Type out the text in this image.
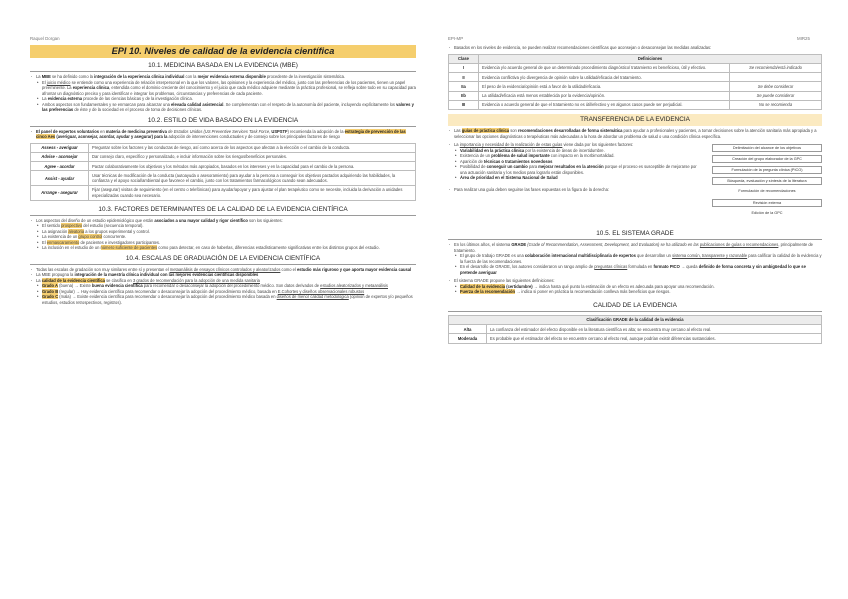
Raquel Dorgan	EPI-MP	MIR25
EPI 10. Niveles de calidad de la evidencia científica
10.1. MEDICINA BASADA EN LA EVIDENCIA (MBE)
· La MBE se ha definido como la integración de la experiencia clínica individual con la mejor evidencia externa disponible procedente de la investigación sistemática.
• El juicio médico se entiende como una experiencia de relación interpersonal en la que los valores, las opiniones y la experiencia del médico, junto con las preferencias de los pacientes, tienen un papel preeminente. La experiencia clínica, entendida como el dominio creciente del conocimiento y el juicio que cada médico adquiere mediante la práctica profesional, se refleja sobre todo en su capacidad para afrontar un diagnóstico preciso y para identificar e integrar los problemas, circunstancias y preferencias de cada paciente.
• La evidencia externa procede de las ciencias básicas y de la investigación clínica.
• Ambos aspectos son fundamentales y se enmarcan para alcanzar una elevada calidad asistencial. Se complementan con el respeto de la autonomía del paciente, incluyendo explícitamente los valores y las preferencias de éste y de la sociedad en el proceso de toma de decisiones clínicas.
10.2. ESTILO DE VIDA BASADO EN LA EVIDENCIA
· El panel de expertos voluntarios en materia de medicina preventiva de Estados Unidos (US Preventive Services Task Force, USPSTF) recomienda la adopción de la estrategia de prevención de las cinco Aes (averiguar, aconsejar, acordar, ayudar y asegurar) para la adopción de intervenciones conductuales y de consejo sobre los principales factores de riesgo
Assess - averiguar	Preguntar sobre los factores y las conductas de riesgo, así como acerca de los aspectos que afectan a la elección o el cambio de la conducta.
Advise - aconsejar	Dar consejo claro, específico y personalizado, e incluir información sobre los riesgos/beneficios personales.
Agree - acordar	Pactar colaborativamente los objetivos y los métodos más apropiados, basados en los intereses y en la capacidad para el cambio de la persona.
Assist - ayudar	Usar técnicas de modificación de la conducta (autoayuda o asesoramiento) para ayudar a la persona a conseguir los objetivos pactados adquiriendo las habilidades, la confianza y el apoyo social/ambiental que favorece el cambio, junto con los tratamientos farmacológicos cuando sean adecuados.
Arrange - asegurar	Fijar (asegurar) visitas de seguimiento (en el centro o telefónicas) para ayudar/apoyar y para ajustar el plan terapéutico como se necesite, incluida la derivación a unidades especializadas cuando sea necesario.
10.3. FACTORES DETERMINANTES DE LA CALIDAD DE LA EVIDENCIA CIENTÍFICA
· Los aspectos del diseño de un estudio epidemiológico que están asociados a una mayor calidad y rigor científico son los siguientes:
• El sentido prospectivo del estudio (secuencia temporal).
• La asignación aleatoria a los grupos experimental y control.
• La existencia de un grupo control concurrente.
• El enmascaramiento de pacientes e investigadores participantes.
• La inclusión en el estudio de un número suficiente de pacientes como para detectar, en caso de haberlas, diferencias estadísticamente significativas entre los distintos grupos del estudio.
10.4. ESCALAS DE GRADUACIÓN DE LA EVIDENCIA CIENTÍFICA
· Todas las escalas de gradación son muy similares entre sí y presentan el metaanálisis de ensayos clínicos controlados y aleatorizados como el estudio más riguroso y que aporta mayor evidencia causal
· La MBE propugna la integración de la maestría clínica individual con las mejores evidencias científicas disponibles
· La calidad de la evidencia científica se clasifica en 3 grados de recomendación para la adopción de una medida sanitaria
• Grado A (buena) → Existe buena evidencia científica para recomendar o desaconsejar la adopción del procedimiento médico. Son datos derivados de estudios aleatorizados y metaanálisis
• Grado B (regular) → Hay evidencia científica para recomendar o desaconsejar la adopción del procedimiento médico, basada en E.Cohortes y diseños observacionales robustos
• Grado C (mala) → Existe evidencia científica para recomendar o desaconsejar la adopción del procedimiento médico basada en diseños de menor calidad metodológica (opinión de expertos y/o pequeños estudios, estudios retrospectivos, registros).
· Basados en los niveles de evidencia, se pueden realizar recomendaciones científicas que aconsejan o desaconsejan las medidas analizadas:
Clase	Definiciones	
I	Evidencia y/o acuerdo general de que un determinado procedimiento diagnóstico/ tratamiento es beneficioso, útil y efectivo.	Se recomienda/está indicado
II	Evidencia conflictiva y/o divergencia de opinión sobre la utilidad/eficacia del tratamiento.	
IIa	El peso de la evidencia/opinión está a favor de la utilidad/eficacia.	Se debe considerar
IIb	La utilidad/eficacia está menos establecida por la evidencia/opinión.	Se puede considerar
III	Evidencia o acuerdo general de que el tratamiento no es útil/efectivo y en algunos casos puede ser perjudicial.	No se recomienda
TRANSFERENCIA DE LA EVIDENCIA
· Las guías de práctica clínica son recomendaciones desarrolladas de forma sistemática para ayudar a profesionales y pacientes, a tomar decisiones sobre la atención sanitaria más apropiada y a seleccionar las opciones diagnósticas o terapéuticas más adecuadas a la hora de abordar un problema de salud o una condición clínica específica.
· La importancia y necesidad de la realización de estas guías viene dada por los siguientes factores:
• Variabilidad en la práctica clínica por la existencia de áreas de incertidumbre.
• Existencia de un problema de salud importante con impacto en la morbimortalidad.
• Aparición de técnicas o tratamientos novedosos
• Posibilidad de conseguir un cambio para mejorar resultados en la atención porque el proceso es susceptible de mejorarse por una actuación sanitaria y los medios para lograrlo están disponibles.
• Área de prioridad en el Sistema Nacional de Salud
· Para realizar una guía deben seguirse las fases expuestas en la figura de la derecha:
Delimitación del alcance de los objetivos
Creación del grupo elaborador de la GPC
Formulación de la pregunta clínica (PICO)
Búsqueda, evaluación y síntesis de la literatura
Formulación de recomendaciones
Revisión externa
Edición de la GPC
10.5. EL SISTEMA GRADE
· En los últimos años, el sistema GRADE (Grade of Recommendation, Assessment, Development, and Evaluation) se ha utilizado en las publicaciones de guías o recomendaciones, principalmente de tratamiento.
• El grupo de trabajo GRADE es una colaboración internacional multidisciplinaria de expertos que desarrollan un sistema común, transparente y razonable para calificar la calidad de la evidencia y la fuerza de las recomendaciones.
• En el desarrollo de GRADE, los autores consideraron un rango amplio de preguntas clínicas formulada en formato PICO → queda definido de forma concreta y sin ambigüedad lo que se pretende averiguar
· El sistema GRADE propone las siguientes definiciones:
• Calidad de la evidencia (certidumbre) → indica hasta qué punto la estimación de un efecto es adecuada para apoyar una recomendación.
• Fuerza de la recomendación → indica si poner en práctica la recomendación conlleva más beneficios que riesgos.
CALIDAD DE LA EVIDENCIA
Clasificación GRADE de la calidad de la evidencia	
Alta	La confianza del estimador del efecto disponible en la literatura científica es alta; se encuentra muy cercano al efecto real.
Moderada	Es probable que el estimador del efecto se encuentre cercano al efecto real, aunque podrían existir diferencias sustanciales.
